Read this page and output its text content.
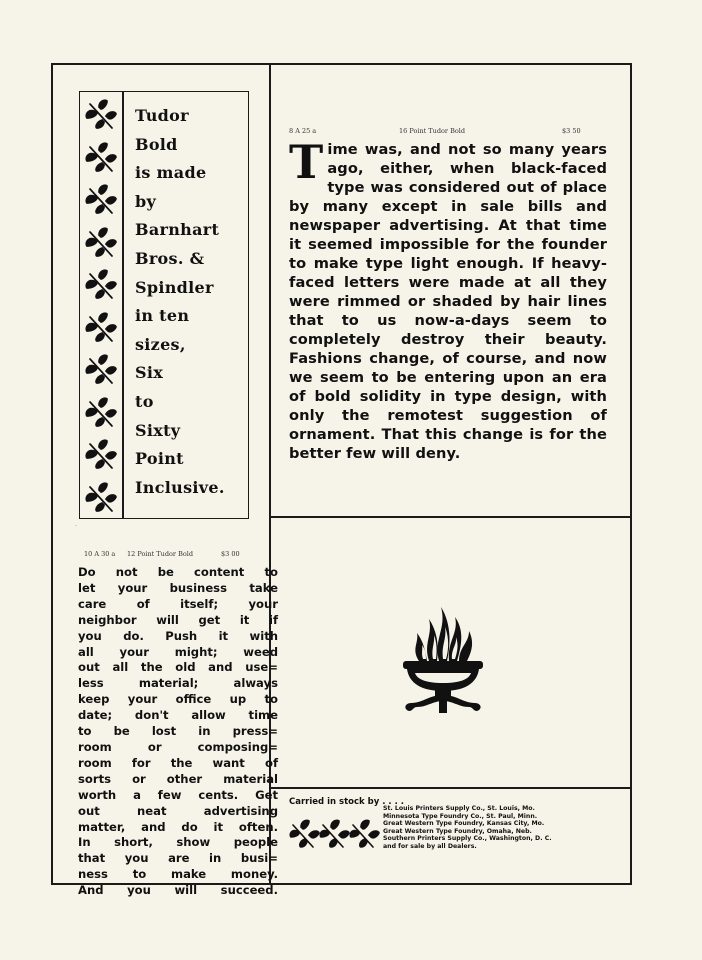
Tudor
Bold
is made
by
Barnhart
Bros. &
Spindler
in ten
sizes,
Six
to
Sixty
Point
Inclusive.
·
8 A 25 a	16 Point Tudor Bold	$3 50
Time was, and not so many years ago, either, when black-faced type was considered out of place by many except in sale bills and newspaper advertising. At that time it seemed impossible for the founder to make type light enough. If heavy-faced letters were made at all they were rimmed or shaded by hair lines that to us now-a-days seem to completely destroy their beauty. Fashions change, of course, and now we seem to be entering upon an era of bold solidity in type design, with only the remotest suggestion of ornament. That this change is for the better few will deny.
10 A 30 a 12 Point Tudor Bold	$3 00
Do not be content to
let your business take
care of itself; your
neighbor will get it if
you do. Push it with
all your might; weed
out all the old and use=
less material; always
keep your office up to
date; don't allow time
to be lost in press=
room or composing=
room for the want of
sorts or other material
worth a few cents. Get
out neat advertising
matter, and do it often.
In short, show people
that you are in busi=
ness to make money.
And you will succeed.
Carried in stock by . . . .
St. Louis Printers Supply Co., St. Louis, Mo.
Minnesota Type Foundry Co., St. Paul, Minn.
Great Western Type Foundry, Kansas City, Mo.
Great Western Type Foundry, Omaha, Neb.
Southern Printers Supply Co., Washington, D. C.
and for sale by all Dealers.
